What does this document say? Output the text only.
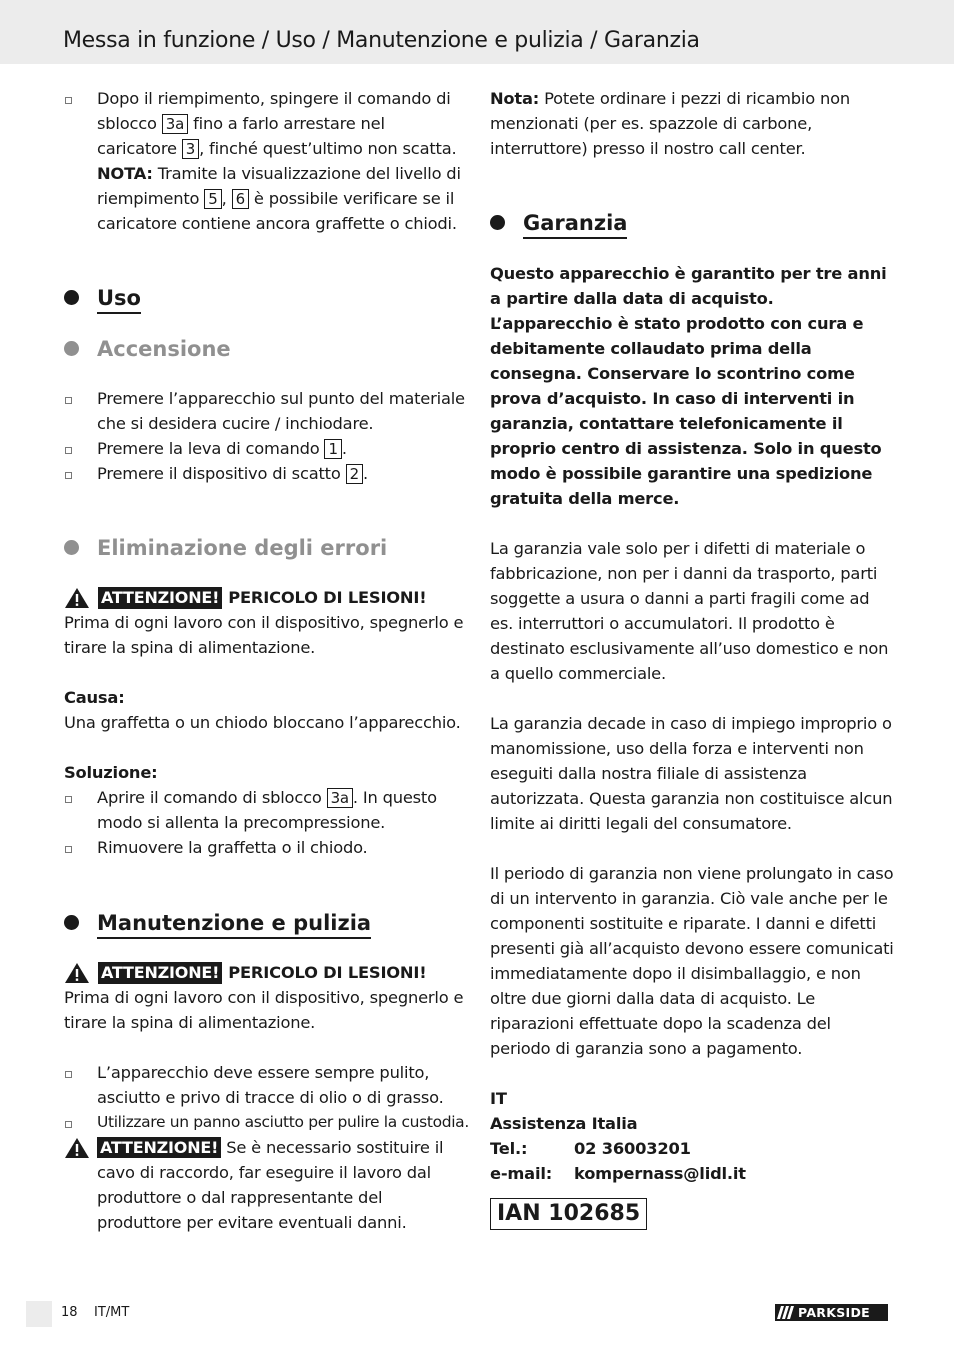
Messa in funzione / Uso / Manutenzione e pulizia / Garanzia
Dopo il riempimento, spingere il comando di sblocco 3a fino a farlo arrestare nel caricatore 3 , finché quest’ultimo non scatta.
NOTA: Tramite la visualizzazione del livello di riempimento 5 , 6 è possibile verificare se il caricatore contiene ancora graffette o chiodi.
Uso
Accensione
Premere l’apparecchio sul punto del materiale che si desidera cucire / inchiodare.
Premere la leva di comando 1 .
Premere il dispositivo di scatto 2 .
Eliminazione degli errori
ATTENZIONE! PERICOLO DI LESIONI!
Prima di ogni lavoro con il dispositivo, spegnerlo e tirare la spina di alimentazione.
Causa:
Una graffetta o un chiodo bloccano l’apparecchio.
Soluzione:
Aprire il comando di sblocco 3a . In questo modo si allenta la precompressione.
Rimuovere la graffetta o il chiodo.
Manutenzione e pulizia
ATTENZIONE! PERICOLO DI LESIONI!
Prima di ogni lavoro con il dispositivo, spegnerlo e tirare la spina di alimentazione.
L’apparecchio deve essere sempre pulito, asciutto e privo di tracce di olio o di grasso.
Utilizzare un panno asciutto per pulire la custodia.
ATTENZIONE! Se è necessario sostituire il cavo di raccordo, far eseguire il lavoro dal produttore o dal rappresentante del produttore per evitare eventuali danni.
Nota: Potete ordinare i pezzi di ricambio non menzionati (per es. spazzole di carbone, interruttore) presso il nostro call center.
Garanzia
Questo apparecchio è garantito per tre anni a partire dalla data di acquisto. L’apparecchio è stato prodotto con cura e debitamente collaudato prima della consegna. Conservare lo scontrino come prova d’acquisto. In caso di interventi in garanzia, contattare telefonicamente il proprio centro di assistenza. Solo in questo modo è possibile garantire una spedizione gratuita della merce.
La garanzia vale solo per i difetti di materiale o fabbricazione, non per i danni da trasporto, parti soggette a usura o danni a parti fragili come ad es. interruttori o accumulatori. Il prodotto è destinato esclusivamente all’uso domestico e non a quello commerciale.
La garanzia decade in caso di impiego improprio o manomissione, uso della forza e interventi non eseguiti dalla nostra filiale di assistenza autorizzata. Questa garanzia non costituisce alcun limite ai diritti legali del consumatore.
Il periodo di garanzia non viene prolungato in caso di un intervento in garanzia. Ciò vale anche per le componenti sostituite e riparate. I danni e difetti presenti già all’acquisto devono essere comunicati immediatamente dopo il disimballaggio, e non oltre due giorni dalla data di acquisto. Le riparazioni effettuate dopo la scadenza del periodo di garanzia sono a pagamento.
IT
Assistenza Italia
Tel.:	02 36003201
e-mail:	kompernass@lidl.it
IAN 102685
18 IT/MT	PARKSIDE
